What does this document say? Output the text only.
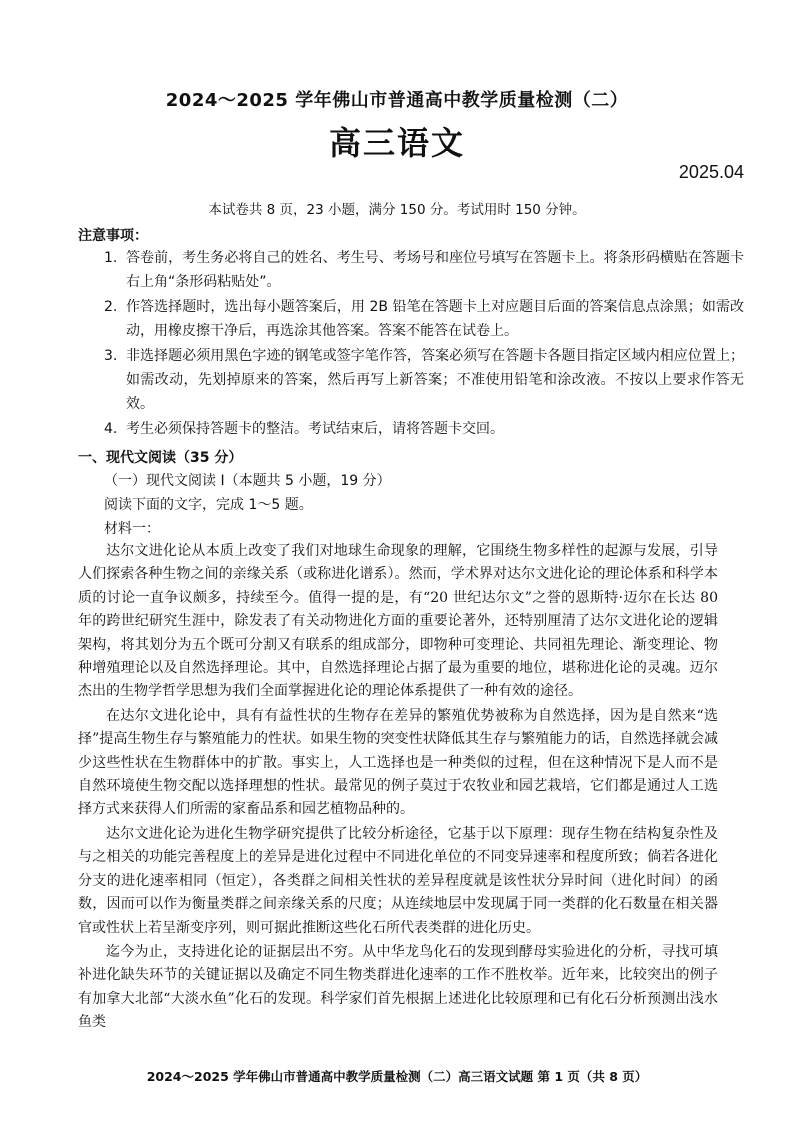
2024～2025 学年佛山市普通高中教学质量检测（二）
高三语文
2025.04
本试卷共 8 页，23 小题，满分 150 分。考试用时 150 分钟。
注意事项：
1. 答卷前，考生务必将自己的姓名、考生号、考场号和座位号填写在答题卡上。将条形码横贴在答题卡右上角“条形码粘贴处”。
2. 作答选择题时，选出每小题答案后，用 2B 铅笔在答题卡上对应题目后面的答案信息点涂黑；如需改动，用橡皮擦干净后，再选涂其他答案。答案不能答在试卷上。
3. 非选择题必须用黑色字迹的钢笔或签字笔作答，答案必须写在答题卡各题目指定区域内相应位置上；如需改动，先划掉原来的答案，然后再写上新答案；不准使用铅笔和涂改液。不按以上要求作答无效。
4. 考生必须保持答题卡的整洁。考试结束后，请将答题卡交回。
一、现代文阅读（35 分）
（一）现代文阅读 I（本题共 5 小题，19 分）
阅读下面的文字，完成 1～5 题。
材料一：

达尔文进化论从本质上改变了我们对地球生命现象的理解，它围绕生物多样性的起源与发展，引导人们探索各种生物之间的亲缘关系（或称进化谱系）。然而，学术界对达尔文进化论的理论体系和科学本质的讨论一直争议颇多，持续至今。值得一提的是，有“20 世纪达尔文”之誉的恩斯特·迈尔在长达 80 年的跨世纪研究生涯中，除发表了有关动物进化方面的重要论著外，还特别厘清了达尔文进化论的逻辑架构，将其划分为五个既可分割又有联系的组成部分，即物种可变理论、共同祖先理论、渐变理论、物种增殖理论以及自然选择理论。其中，自然选择理论占据了最为重要的地位，堪称进化论的灵魂。迈尔杰出的生物学哲学思想为我们全面掌握进化论的理论体系提供了一种有效的途径。

在达尔文进化论中，具有有益性状的生物存在差异的繁殖优势被称为自然选择，因为是自然来“选择”提高生物生存与繁殖能力的性状。如果生物的突变性状降低其生存与繁殖能力的话，自然选择就会减少这些性状在生物群体中的扩散。事实上，人工选择也是一种类似的过程，但在这种情况下是人而不是自然环境使生物交配以选择理想的性状。最常见的例子莫过于农牧业和园艺栽培，它们都是通过人工选择方式来获得人们所需的家畜品系和园艺植物品种的。

达尔文进化论为进化生物学研究提供了比较分析途径，它基于以下原理：现存生物在结构复杂性及与之相关的功能完善程度上的差异是进化过程中不同进化单位的不同变异速率和程度所致；倘若各进化分支的进化速率相同（恒定），各类群之间相关性状的差异程度就是该性状分异时间（进化时间）的函数，因而可以作为衡量类群之间亲缘关系的尺度；从连续地层中发现属于同一类群的化石数量在相关器官或性状上若呈渐变序列，则可据此推断这些化石所代表类群的进化历史。

迄今为止，支持进化论的证据层出不穷。从中华龙鸟化石的发现到酵母实验进化的分析，寻找可填补进化缺失环节的关键证据以及确定不同生物类群进化速率的工作不胜枚举。近年来，比较突出的例子有加拿大北部“大淡水鱼”化石的发现。科学家们首先根据上述进化比较原理和已有化石分析预测出浅水鱼类

2024～2025 学年佛山市普通高中教学质量检测（二）高三语文试题 第 1 页（共 8 页）
